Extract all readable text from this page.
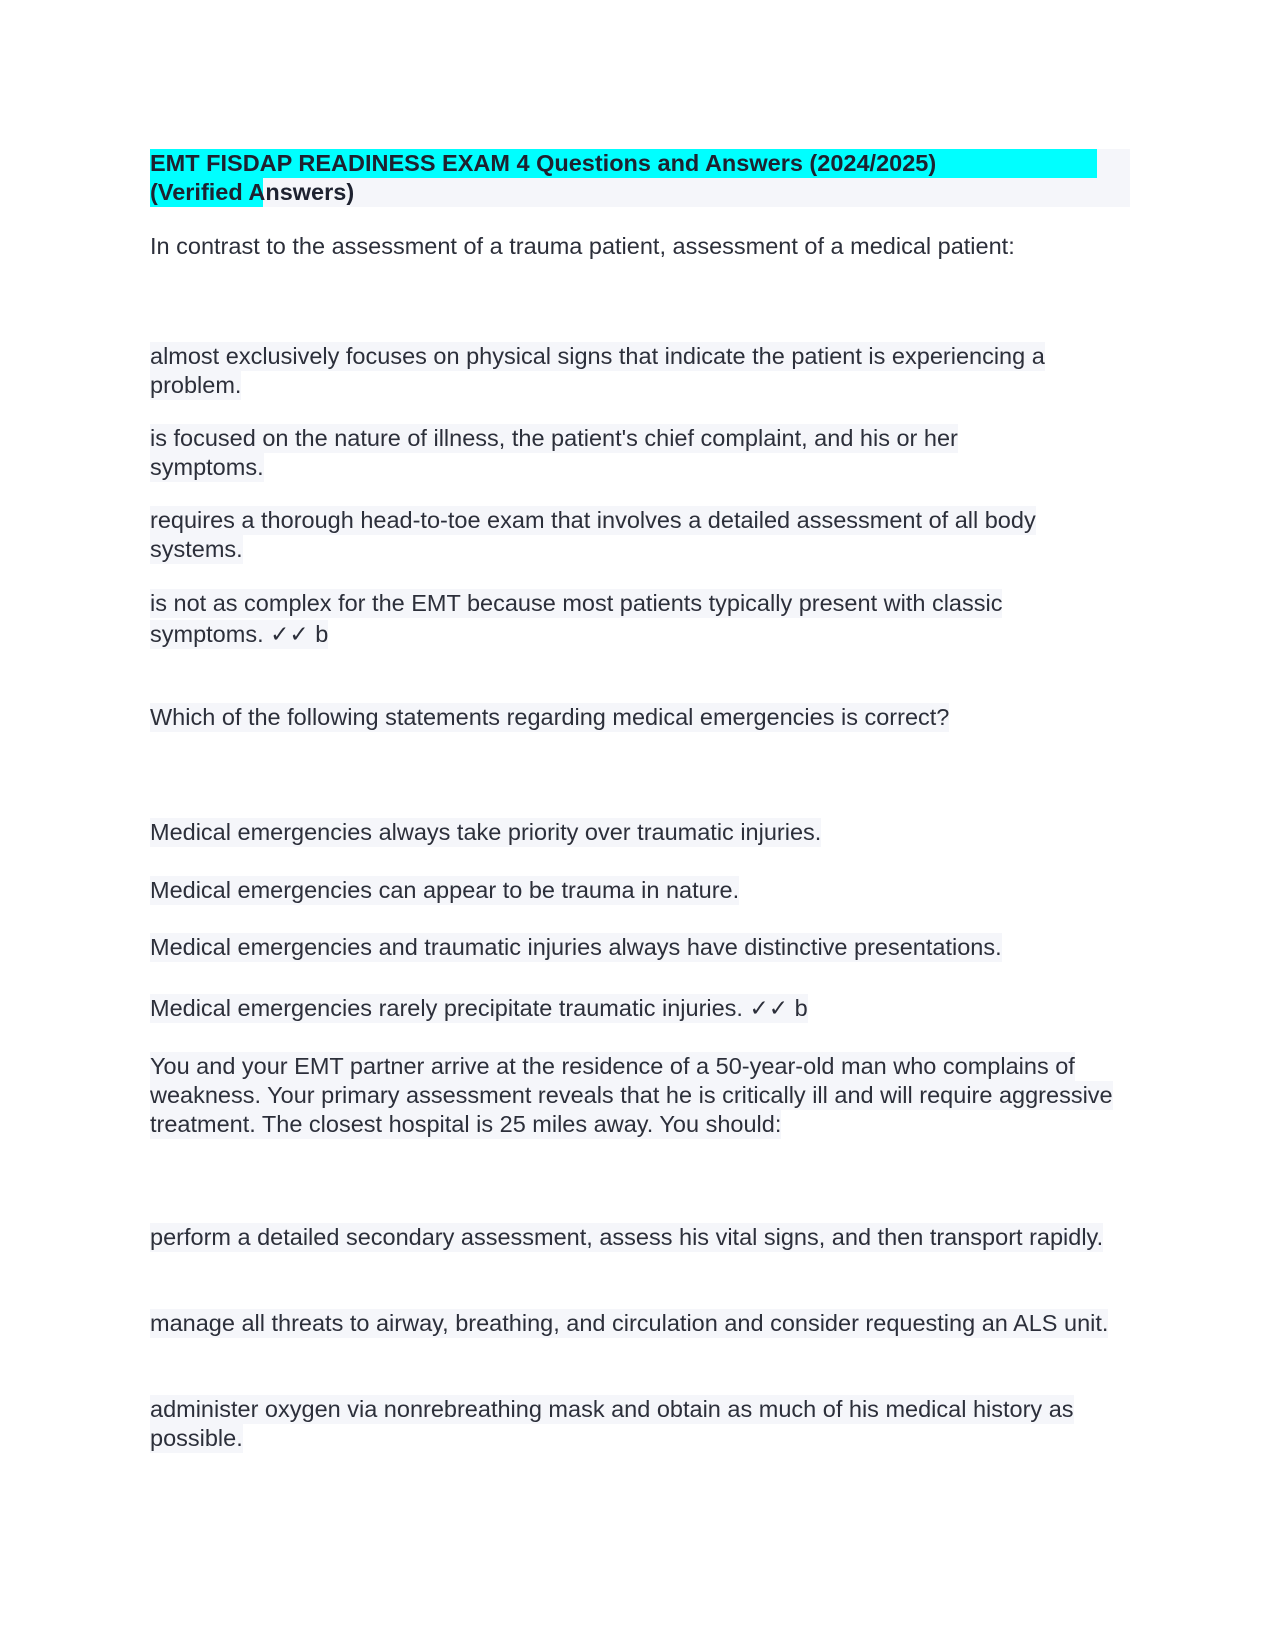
EMT FISDAP READINESS EXAM 4 Questions and Answers (2024/2025)
(Verified Answers)

In contrast to the assessment of a trauma patient, assessment of a medical patient:

almost exclusively focuses on physical signs that indicate the patient is experiencing a problem.

is focused on the nature of illness, the patient's chief complaint, and his or her symptoms.

requires a thorough head-to-toe exam that involves a detailed assessment of all body systems.

is not as complex for the EMT because most patients typically present with classic symptoms. ✓✓ b

Which of the following statements regarding medical emergencies is correct?

Medical emergencies always take priority over traumatic injuries.

Medical emergencies can appear to be trauma in nature.

Medical emergencies and traumatic injuries always have distinctive presentations.

Medical emergencies rarely precipitate traumatic injuries. ✓✓ b

You and your EMT partner arrive at the residence of a 50-year-old man who complains of weakness. Your primary assessment reveals that he is critically ill and will require aggressive treatment. The closest hospital is 25 miles away. You should:

perform a detailed secondary assessment, assess his vital signs, and then transport rapidly.

manage all threats to airway, breathing, and circulation and consider requesting an ALS unit.

administer oxygen via nonrebreathing mask and obtain as much of his medical history as possible.
